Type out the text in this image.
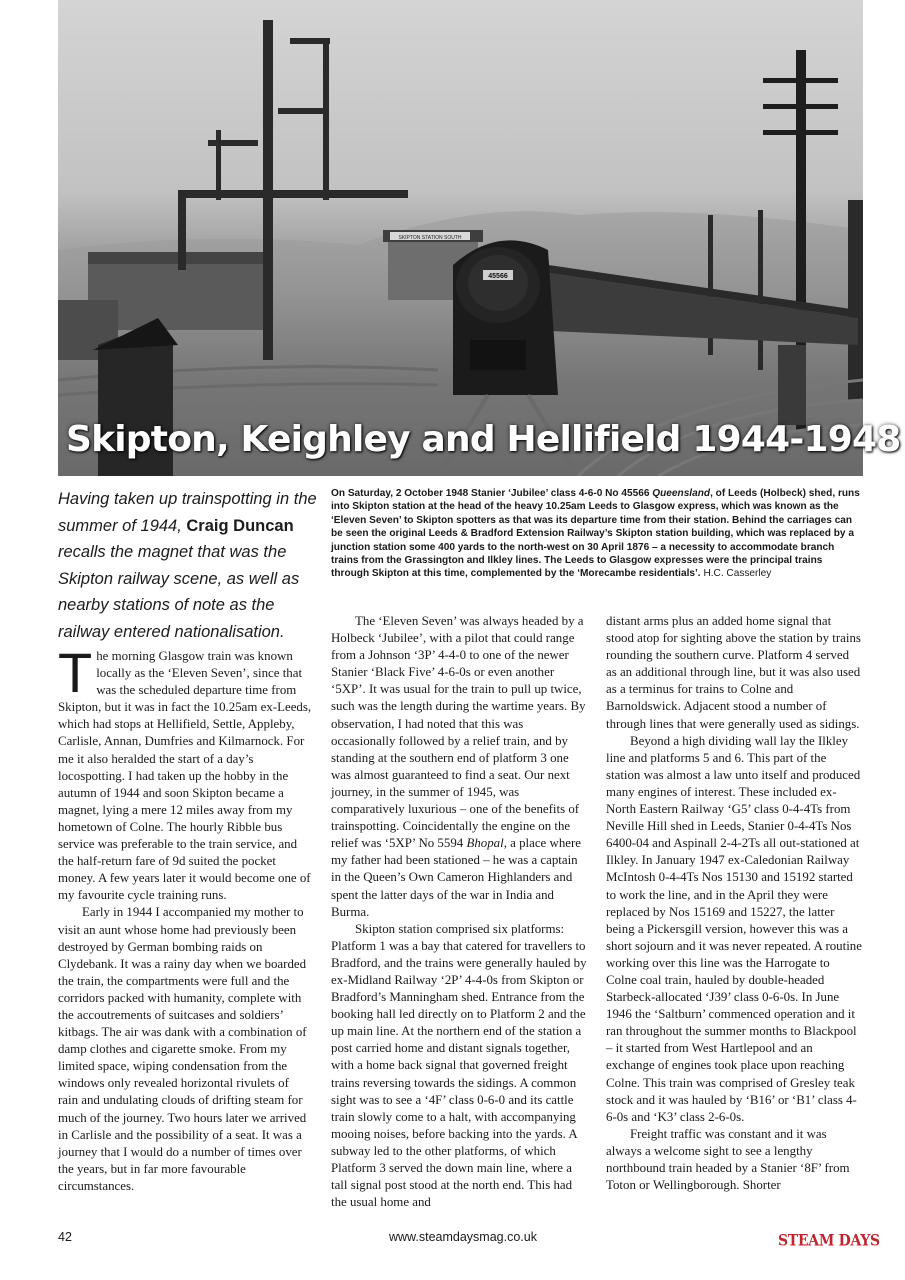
SKIPTON STATION SOUTH
45566
Skipton, Keighley and Hellifield 1944-1948

Having taken up trainspotting in the summer of 1944, Craig Duncan recalls the magnet that was the Skipton railway scene, as well as nearby stations of note as the railway entered nationalisation.

On Saturday, 2 October 1948 Stanier ‘Jubilee’ class 4-6-0 No 45566 Queensland, of Leeds (Holbeck) shed, runs into Skipton station at the head of the heavy 10.25am Leeds to Glasgow express, which was known as the ‘Eleven Seven’ to Skipton spotters as that was its departure time from their station. Behind the carriages can be seen the original Leeds & Bradford Extension Railway’s Skipton station building, which was replaced by a junction station some 400 yards to the north-west on 30 April 1876 – a necessity to accommodate branch trains from the Grassington and Ilkley lines. The Leeds to Glasgow expresses were the principal trains through Skipton at this time, complemented by the ‘Morecambe residentials’. H.C. Casserley

The morning Glasgow train was known locally as the ‘Eleven Seven’, since that was the scheduled departure time from Skipton, but it was in fact the 10.25am ex-Leeds, which had stops at Hellifield, Settle, Appleby, Carlisle, Annan, Dumfries and Kilmarnock. For me it also heralded the start of a day’s locospotting. I had taken up the hobby in the autumn of 1944 and soon Skipton became a magnet, lying a mere 12 miles away from my hometown of Colne. The hourly Ribble bus service was preferable to the train service, and the half-return fare of 9d suited the pocket money. A few years later it would become one of my favourite cycle training runs.

Early in 1944 I accompanied my mother to visit an aunt whose home had previously been destroyed by German bombing raids on Clydebank. It was a rainy day when we boarded the train, the compartments were full and the corridors packed with humanity, complete with the accoutrements of suitcases and soldiers’ kitbags. The air was dank with a combination of damp clothes and cigarette smoke. From my limited space, wiping condensation from the windows only revealed horizontal rivulets of rain and undulating clouds of drifting steam for much of the journey. Two hours later we arrived in Carlisle and the possibility of a seat. It was a journey that I would do a number of times over the years, but in far more favourable circumstances.

The ‘Eleven Seven’ was always headed by a Holbeck ‘Jubilee’, with a pilot that could range from a Johnson ‘3P’ 4-4-0 to one of the newer Stanier ‘Black Five’ 4-6-0s or even another ‘5XP’. It was usual for the train to pull up twice, such was the length during the wartime years. By observation, I had noted that this was occasionally followed by a relief train, and by standing at the southern end of platform 3 one was almost guaranteed to find a seat. Our next journey, in the summer of 1945, was comparatively luxurious – one of the benefits of trainspotting. Coincidentally the engine on the relief was ‘5XP’ No 5594 Bhopal, a place where my father had been stationed – he was a captain in the Queen’s Own Cameron Highlanders and spent the latter days of the war in India and Burma.

Skipton station comprised six platforms: Platform 1 was a bay that catered for travellers to Bradford, and the trains were generally hauled by ex-Midland Railway ‘2P’ 4-4-0s from Skipton or Bradford’s Manningham shed. Entrance from the booking hall led directly on to Platform 2 and the up main line. At the northern end of the station a post carried home and distant signals together, with a home back signal that governed freight trains reversing towards the sidings. A common sight was to see a ‘4F’ class 0-6-0 and its cattle train slowly come to a halt, with accompanying mooing noises, before backing into the yards. A subway led to the other platforms, of which Platform 3 served the down main line, where a tall signal post stood at the north end. This had the usual home and

distant arms plus an added home signal that stood atop for sighting above the station by trains rounding the southern curve. Platform 4 served as an additional through line, but it was also used as a terminus for trains to Colne and Barnoldswick. Adjacent stood a number of through lines that were generally used as sidings.

Beyond a high dividing wall lay the Ilkley line and platforms 5 and 6. This part of the station was almost a law unto itself and produced many engines of interest. These included ex-North Eastern Railway ‘G5’ class 0-4-4Ts from Neville Hill shed in Leeds, Stanier 0-4-4Ts Nos 6400-04 and Aspinall 2-4-2Ts all out-stationed at Ilkley. In January 1947 ex-Caledonian Railway McIntosh 0-4-4Ts Nos 15130 and 15192 started to work the line, and in the April they were replaced by Nos 15169 and 15227, the latter being a Pickersgill version, however this was a short sojourn and it was never repeated. A routine working over this line was the Harrogate to Colne coal train, hauled by double-headed Starbeck-allocated ‘J39’ class 0-6-0s. In June 1946 the ‘Saltburn’ commenced operation and it ran throughout the summer months to Blackpool – it started from West Hartlepool and an exchange of engines took place upon reaching Colne. This train was comprised of Gresley teak stock and it was hauled by ‘B16’ or ‘B1’ class 4-6-0s and ‘K3’ class 2-6-0s.

Freight traffic was constant and it was always a welcome sight to see a lengthy northbound train headed by a Stanier ‘8F’ from Toton or Wellingborough. Shorter

42	www.steamdaysmag.co.uk	STEAM DAYS
